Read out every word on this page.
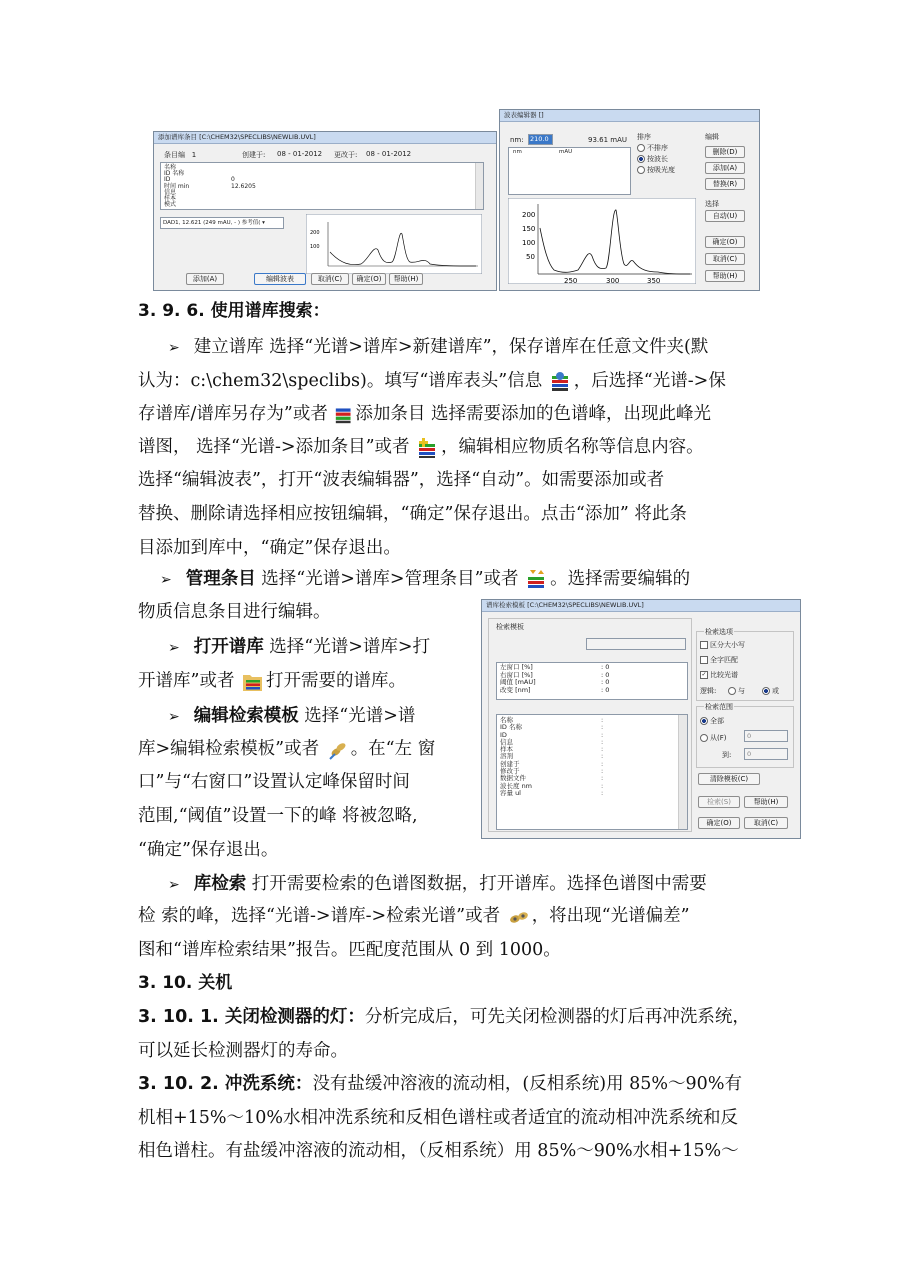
添加谱库条目 [C:\CHEM32\SPECLIBS\NEWLIB.UVL]
条目编 1	创建于: 08 - 01-2012 更改于: 08 - 01-2012
名称
ID 名称
ID
时间 min
信息
样本
模式

0
12.6205
DAD1, 12.621 (249 mAU, - ) 参考值( ▾
200
100
添加(A)	编辑波表	取消(C)	确定(O)	帮助(H)
波表编辑器 []
nm: 210.0	93.61 mAU
nm	mAU
排序
不排序
按波长
按吸光度
编辑
删除(D)
添加(A)
替换(R)
选择
自动(U)
确定(O)
取消(C)
帮助(H)
200
150
100
50
250	300	350
3. 9. 6. 使用谱库搜索：
➢ 建立谱库 选择“光谱>谱库>新建谱库”，保存谱库在任意文件夹(默
认为：c:\chem32\speclibs)。填写“谱库表头”信息 ，后选择“光谱->保
存谱库/谱库另存为”或者 添加条目 选择需要添加的色谱峰，出现此峰光
谱图， 选择“光谱->添加条目”或者 ，编辑相应物质名称等信息内容。
选择“编辑波表”，打开“波表编辑器”，选择“自动”。如需要添加或者
替换、删除请选择相应按钮编辑，“确定”保存退出。点击“添加” 将此条
目添加到库中，“确定”保存退出。
➢ 管理条目 选择“光谱>谱库>管理条目”或者 。选择需要编辑的
物质信息条目进行编辑。	谱库检索模板 [C:\CHEM32\SPECLIBS\NEWLIB.UVL]
检索模板
左窗口 [%]
右窗口 [%]
阈值 [mAU]
改变 [nm]
: 0
: 0
: 0
: 0
名称
ID 名称
ID
信息
样本
溶剂
创建于
修改于
数据文件
波长度 nm
容量 ul
:
:
:
:
:
:
:
:
:
:
:
检索选项
区分大小写
全字匹配
✓ 比较光谱
逻辑:	与	或
检索范围
全部
从(F)	0
到:	0
清除模板(C)
检索(S)	帮助(H)
确定(O)	取消(C)
➢ 打开谱库 选择“光谱>谱库>打
开谱库”或者 打开需要的谱库。
➢ 编辑检索模板 选择“光谱>谱
库>编辑检索模板”或者 。在“左 窗
口”与“右窗口”设置认定峰保留时间
范围,“阈值”设置一下的峰 将被忽略,
“确定”保存退出。
➢ 库检索 打开需要检索的色谱图数据，打开谱库。选择色谱图中需要
检 索的峰，选择“光谱->谱库->检索光谱”或者 ，将出现“光谱偏差”
图和“谱库检索结果”报告。匹配度范围从 0 到 1000。
3. 10. 关机
3. 10. 1. 关闭检测器的灯：分析完成后，可先关闭检测器的灯后再冲洗系统，
可以延长检测器灯的寿命。
3. 10. 2. 冲洗系统：没有盐缓冲溶液的流动相，(反相系统)用 85%～90%有
机相+15%～10%水相冲洗系统和反相色谱柱或者适宜的流动相冲洗系统和反
相色谱柱。有盐缓冲溶液的流动相，（反相系统）用 85%～90%水相+15%～
